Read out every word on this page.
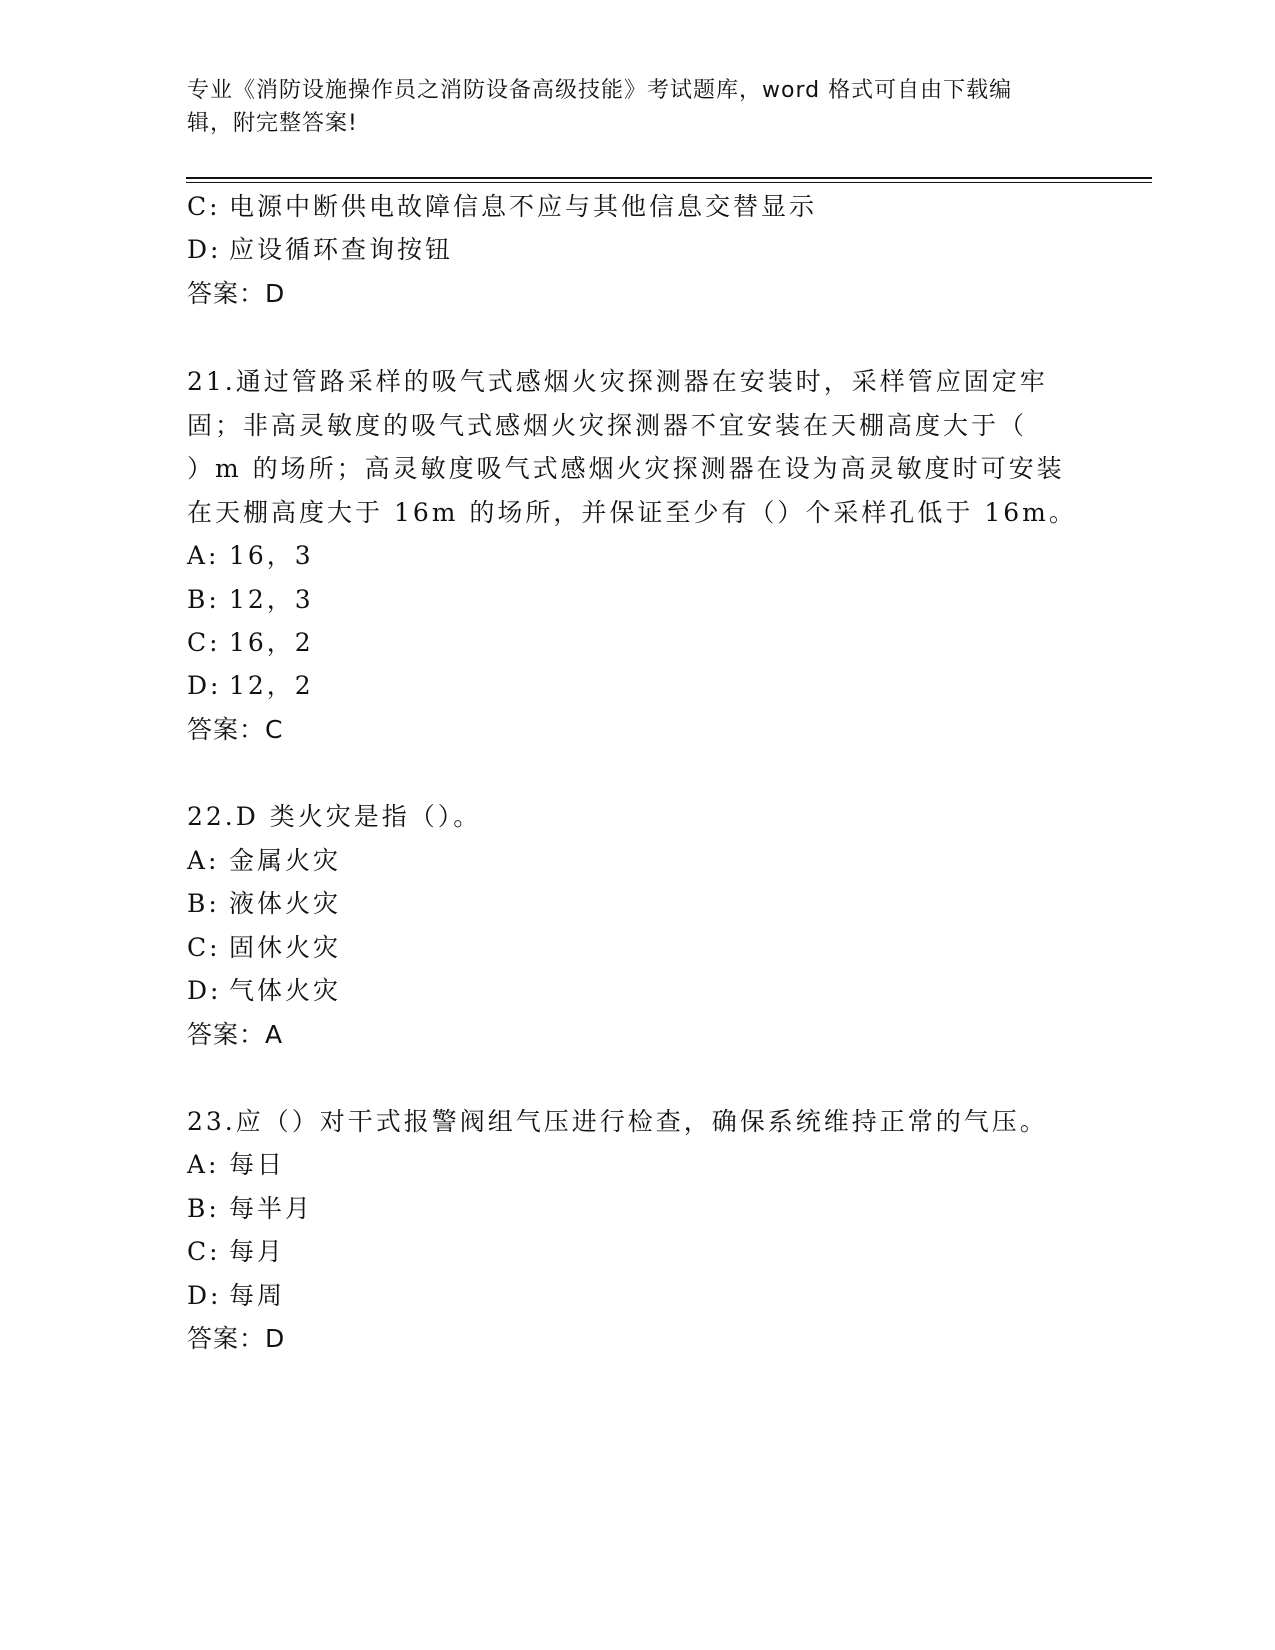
专业《消防设施操作员之消防设备高级技能》考试题库，word 格式可自由下载编
辑，附完整答案!
C: 电源中断供电故障信息不应与其他信息交替显示
D: 应设循环查询按钮
答案：D
21.通过管路采样的吸气式感烟火灾探测器在安装时，采样管应固定牢
固；非高灵敏度的吸气式感烟火灾探测器不宜安装在天棚高度大于（
）m 的场所；高灵敏度吸气式感烟火灾探测器在设为高灵敏度时可安装
在天棚高度大于 16m 的场所，并保证至少有（）个采样孔低于 16m。
A: 16，3
B: 12，3
C: 16，2
D: 12，2
答案：C
22.D 类火灾是指（）。
A: 金属火灾
B: 液体火灾
C: 固休火灾
D: 气体火灾
答案：A
23.应（）对干式报警阀组气压进行检查，确保系统维持正常的气压。
A: 每日
B: 每半月
C: 每月
D: 每周
答案：D
